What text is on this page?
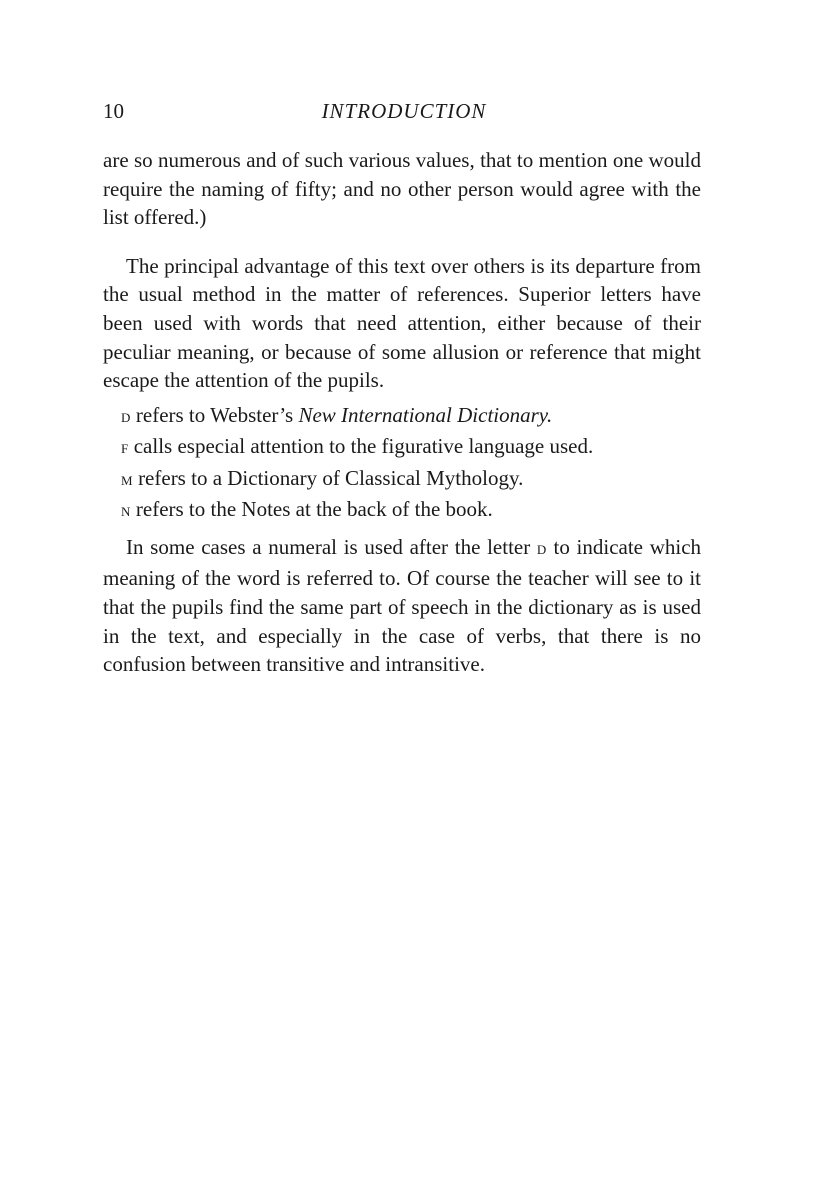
10	INTRODUCTION

are so numerous and of such various values, that to mention one would require the naming of fifty; and no other person would agree with the list offered.)

The principal advantage of this text over others is its departure from the usual method in the matter of references. Superior letters have been used with words that need attention, either because of their peculiar meaning, or because of some allusion or reference that might escape the attention of the pupils.

D refers to Webster’s New International Dictionary.
F calls especial attention to the figurative language used.
M refers to a Dictionary of Classical Mythology.
N refers to the Notes at the back of the book.

In some cases a numeral is used after the letter D to indicate which meaning of the word is referred to. Of course the teacher will see to it that the pupils find the same part of speech in the dictionary as is used in the text, and especially in the case of verbs, that there is no confusion between transitive and intransitive.
